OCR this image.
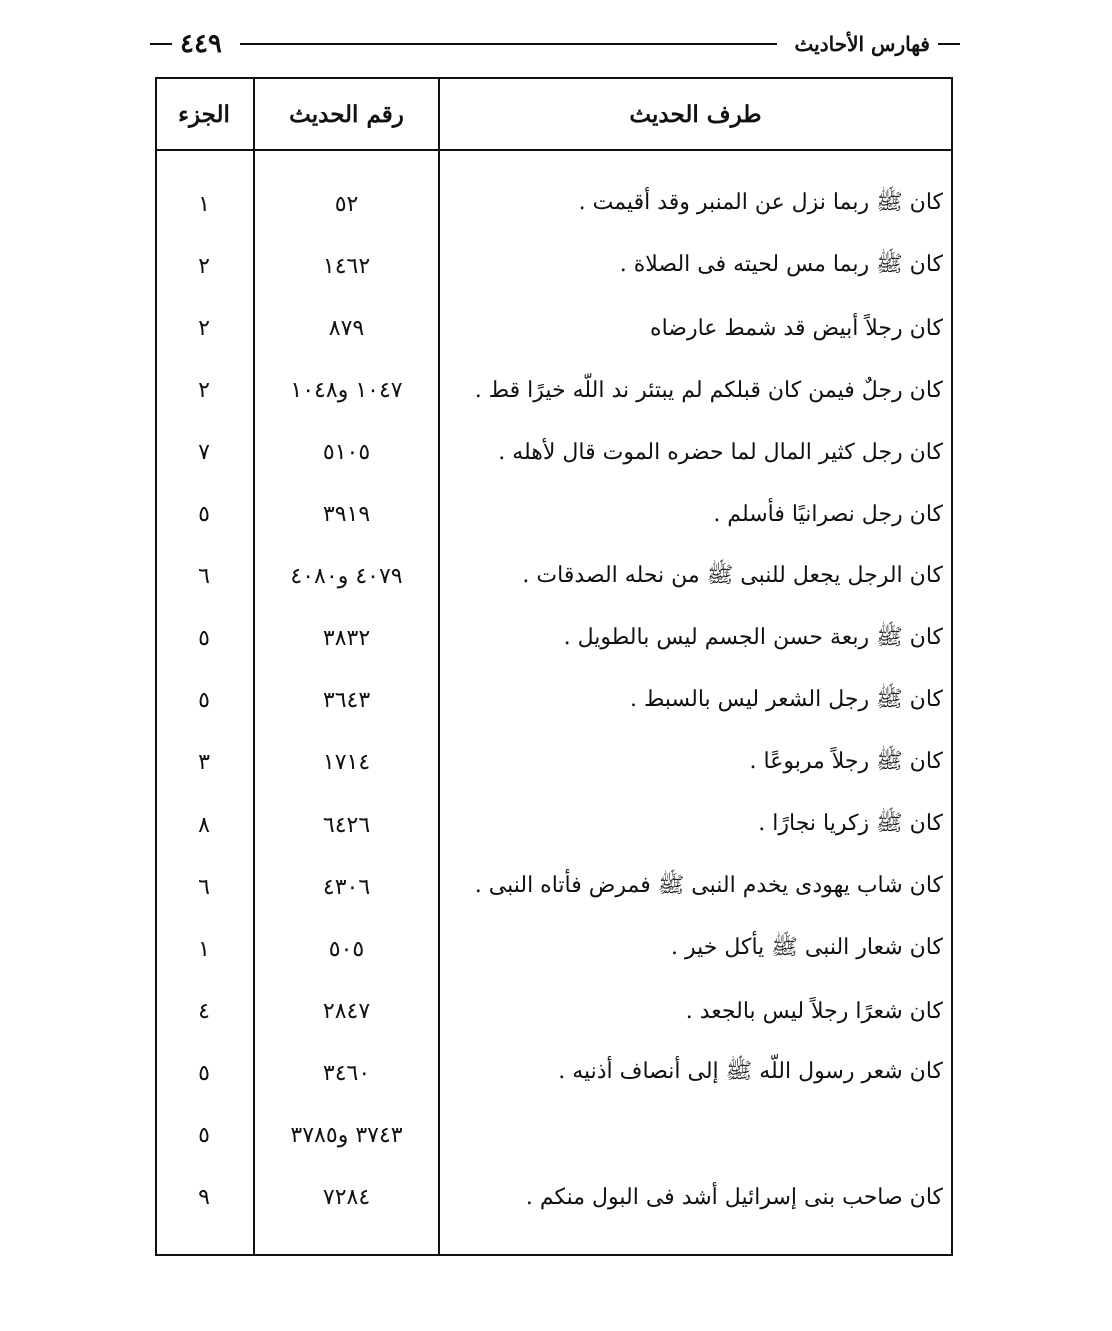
فهارس الأحاديث
٤٤٩
طرف الحديث
رقم الحديث
الجزء
كان ﷺ ربما نزل عن المنبر وقد أقيمت .
٥٢
١
كان ﷺ ربما مس لحيته فى الصلاة .
١٤٦٢
٢
كان رجلاً أبيض قد شمط عارضاه
٨٧٩
٢
كان رجلٌ فيمن كان قبلكم لم يبتئر ند اللّه خيرًا قط .
١٠٤٧ و١٠٤٨
٢
كان رجل كثير المال لما حضره الموت قال لأهله .
٥١٠٥
٧
كان رجل نصرانيًا فأسلم .
٣٩١٩
٥
كان الرجل يجعل للنبى ﷺ من نحله الصدقات .
٤٠٧٩ و٤٠٨٠
٦
كان ﷺ ربعة حسن الجسم ليس بالطويل .
٣٨٣٢
٥
كان ﷺ رجل الشعر ليس بالسبط .
٣٦٤٣
٥
كان ﷺ رجلاً مربوعًا .
١٧١٤
٣
كان ﷺ زكريا نجارًا .
٦٤٢٦
٨
كان شاب يهودى يخدم النبى ﷺ فمرض فأتاه النبى .
٤٣٠٦
٦
كان شعار النبى ﷺ يأكل خير .
٥٠٥
١
كان شعرًا رجلاً ليس بالجعد .
٢٨٤٧
٤
كان شعر رسول اللّه ﷺ إلى أنصاف أذنيه .
٣٤٦٠
٥
٣٧٤٣ و٣٧٨٥
٥
كان صاحب بنى إسرائيل أشد فى البول منكم .
٧٢٨٤
٩
